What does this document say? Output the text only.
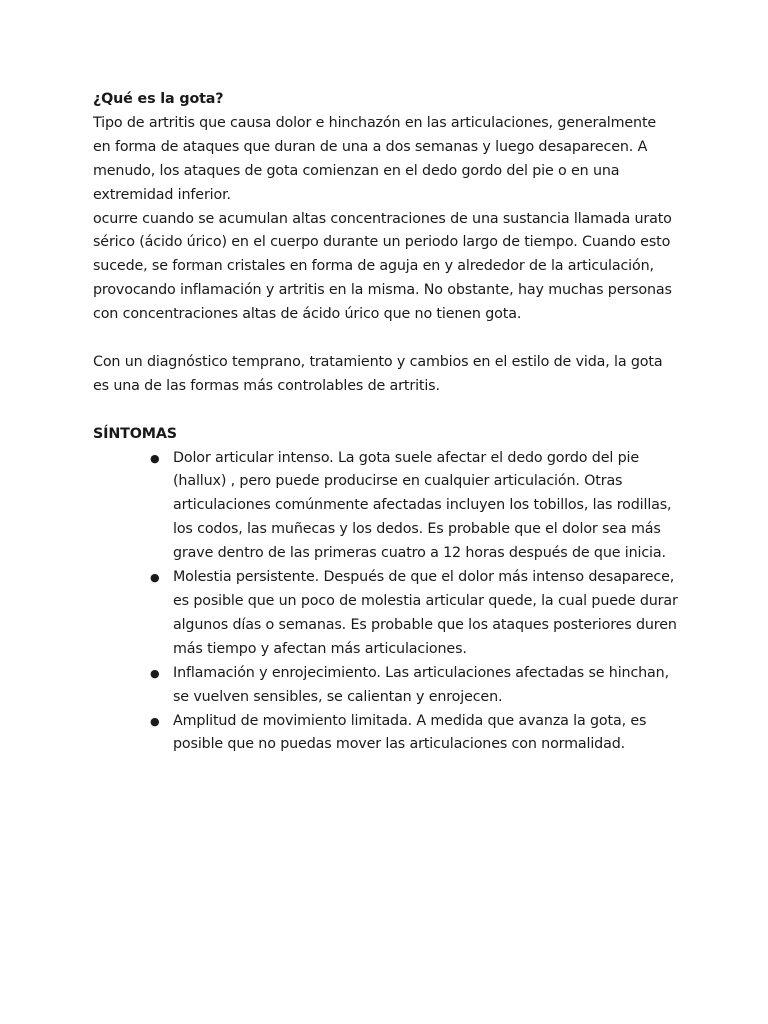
¿Qué es la gota?

Tipo de artritis que causa dolor e hinchazón en las articulaciones, generalmente en forma de ataques que duran de una a dos semanas y luego desaparecen. A menudo, los ataques de gota comienzan en el dedo gordo del pie o en una extremidad inferior.

ocurre cuando se acumulan altas concentraciones de una sustancia llamada urato sérico (ácido úrico) en el cuerpo durante un periodo largo de tiempo. Cuando esto sucede, se forman cristales en forma de aguja en y alrededor de la articulación, provocando inflamación y artritis en la misma. No obstante, hay muchas personas con concentraciones altas de ácido úrico que no tienen gota.

Con un diagnóstico temprano, tratamiento y cambios en el estilo de vida, la gota es una de las formas más controlables de artritis.

SÍNTOMAS

● Dolor articular intenso. La gota suele afectar el dedo gordo del pie (hallux) , pero puede producirse en cualquier articulación. Otras articulaciones comúnmente afectadas incluyen los tobillos, las rodillas, los codos, las muñecas y los dedos. Es probable que el dolor sea más grave dentro de las primeras cuatro a 12 horas después de que inicia.
● Molestia persistente. Después de que el dolor más intenso desaparece, es posible que un poco de molestia articular quede, la cual puede durar algunos días o semanas. Es probable que los ataques posteriores duren más tiempo y afectan más articulaciones.
● Inflamación y enrojecimiento. Las articulaciones afectadas se hinchan, se vuelven sensibles, se calientan y enrojecen.
● Amplitud de movimiento limitada. A medida que avanza la gota, es posible que no puedas mover las articulaciones con normalidad.
